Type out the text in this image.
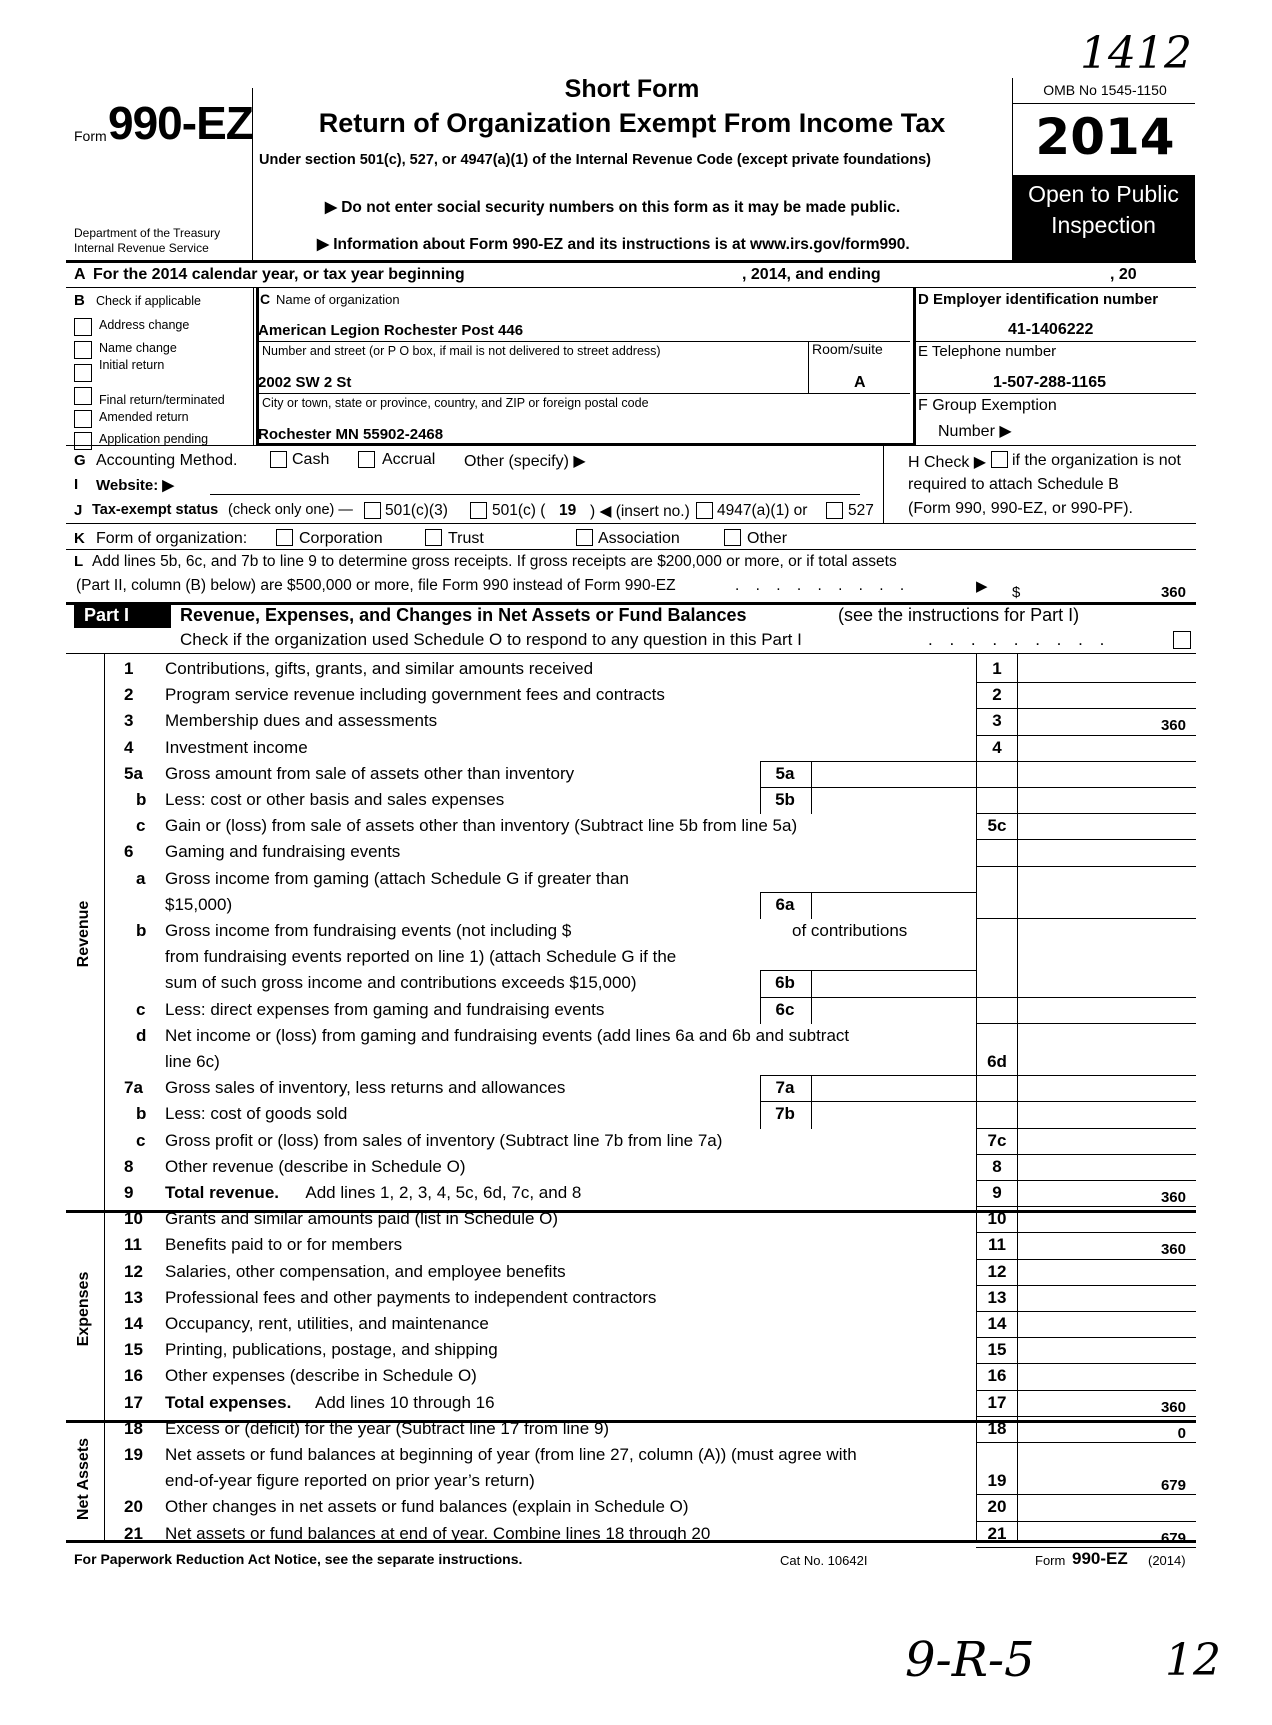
1412
9-R-5	12
Form 990-EZ
Department of the Treasury
Internal Revenue Service
Short Form
Return of Organization Exempt From Income Tax
Under section 501(c), 527, or 4947(a)(1) of the Internal Revenue Code (except private foundations)
▶ Do not enter social security numbers on this form as it may be made public.
▶ Information about Form 990-EZ and its instructions is at www.irs.gov/form990.
OMB No 1545-1150
2014
Open to Public
Inspection
A For the 2014 calendar year, or tax year beginning	, 2014, and ending	, 20
B Check if applicable
Address change
Name change
Initial return
Final return/terminated
Amended return
Application pending
C Name of organization
American Legion Rochester Post 446
Number and street (or P O box, if mail is not delivered to street address)	Room/suite
2002 SW 2 St	A
City or town, state or province, country, and ZIP or foreign postal code
Rochester MN 55902-2468
D Employer identification number
41-1406222
E Telephone number
1-507-288-1165
F Group Exemption
Number ▶
G Accounting Method.	Cash	Accrual Other (specify) ▶	H Check ▶ if the organization is not
required to attach Schedule B
(Form 990, 990-EZ, or 990-PF).
I Website: ▶
J Tax-exempt status (check only one) — 501(c)(3)	501(c) ( 19 ) ◀ (insert no.) 4947(a)(1) or	527
K Form of organization:	Corporation	Trust	Association	Other
L Add lines 5b, 6c, and 7b to line 9 to determine gross receipts. If gross receipts are $200,000 or more, or if total assets
(Part II, column (B) below) are $500,000 or more, file Form 990 instead of Form 990-EZ	. . . . . . . . .	▶ $	360
Part I	Revenue, Expenses, and Changes in Net Assets or Fund Balances	(see the instructions for Part I)
Check if the organization used Schedule O to respond to any question in this Part I	. . . . . . . . .
1 Contributions, gifts, grants, and similar amounts received	1
2 Program service revenue including government fees and contracts	2
3 Membership dues and assessments	3	360
4 Investment income	4
5a Gross amount from sale of assets other than inventory	5a
b Less: cost or other basis and sales expenses	5b
c Gain or (loss) from sale of assets other than inventory (Subtract line 5b from line 5a)	5c
6 Gaming and fundraising events
a Gross income from gaming (attach Schedule G if greater than
$15,000)	6a
b Gross income from fundraising events (not including $	of contributions
from fundraising events reported on line 1) (attach Schedule G if the
sum of such gross income and contributions exceeds $15,000)	6b
c Less: direct expenses from gaming and fundraising events	6c
d Net income or (loss) from gaming and fundraising events (add lines 6a and 6b and subtract
line 6c)	6d
7a Gross sales of inventory, less returns and allowances	7a
b Less: cost of goods sold	7b
c Gross profit or (loss) from sales of inventory (Subtract line 7b from line 7a)	7c
8 Other revenue (describe in Schedule O)	8
9 Total revenue. Add lines 1, 2, 3, 4, 5c, 6d, 7c, and 8	9	360
10 Grants and similar amounts paid (list in Schedule O)	10
11 Benefits paid to or for members	11	360
12 Salaries, other compensation, and employee benefits	12
13 Professional fees and other payments to independent contractors	13
14 Occupancy, rent, utilities, and maintenance	14
15 Printing, publications, postage, and shipping	15
16 Other expenses (describe in Schedule O)	16
17 Total expenses. Add lines 10 through 16	17	360
18 Excess or (deficit) for the year (Subtract line 17 from line 9)	18	0
19 Net assets or fund balances at beginning of year (from line 27, column (A)) (must agree with
end-of-year figure reported on prior year’s return)	19	679
20 Other changes in net assets or fund balances (explain in Schedule O)	20
21 Net assets or fund balances at end of year. Combine lines 18 through 20	21	679
Revenue
Expenses
Net Assets
For Paperwork Reduction Act Notice, see the separate instructions.	Cat No. 10642I	Form 990-EZ (2014)
